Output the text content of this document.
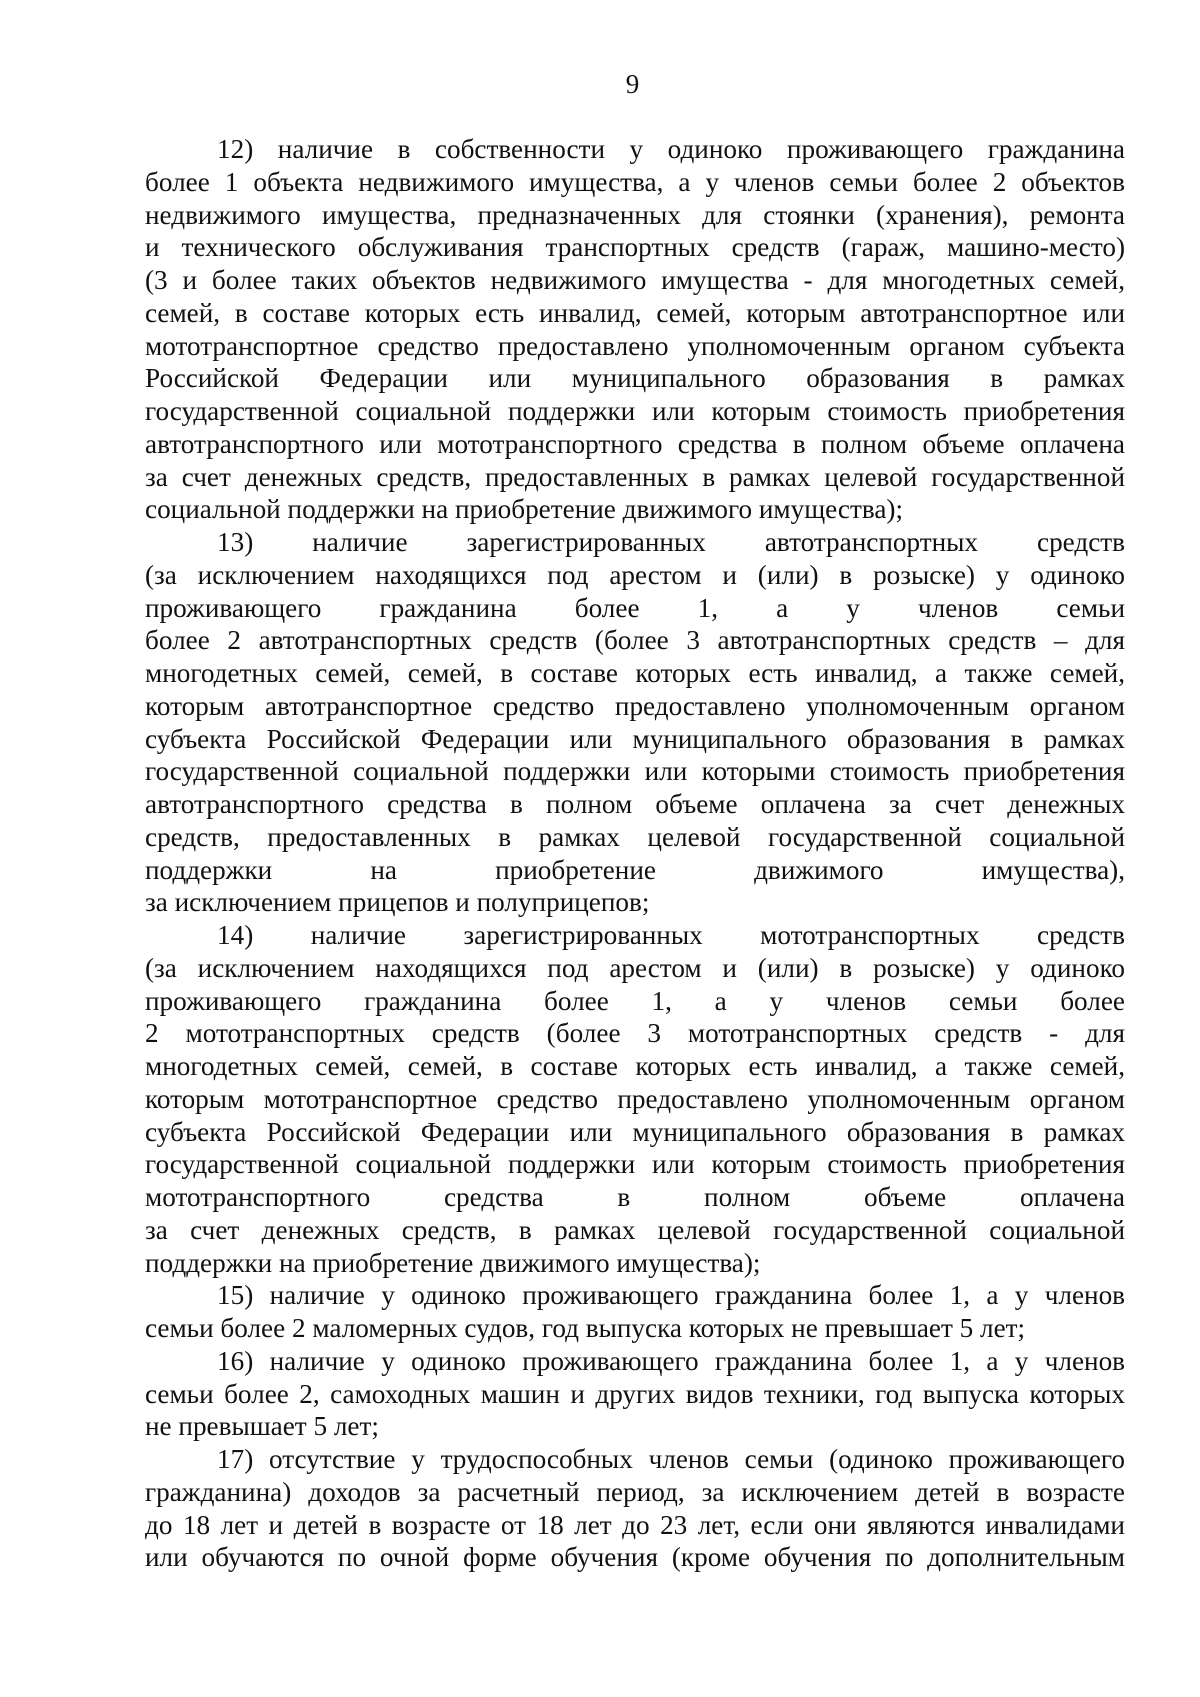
9
12) наличие в собственности у одиноко проживающего гражданина
более 1 объекта недвижимого имущества, а у членов семьи более 2 объектов
недвижимого имущества, предназначенных для стоянки (хранения), ремонта
и технического обслуживания транспортных средств (гараж, машино-место)
(3 и более таких объектов недвижимого имущества - для многодетных семей,
семей, в составе которых есть инвалид, семей, которым автотранспортное или
мототранспортное средство предоставлено уполномоченным органом субъекта
Российской Федерации или муниципального образования в рамках
государственной социальной поддержки или которым стоимость приобретения
автотранспортного или мототранспортного средства в полном объеме оплачена
за счет денежных средств, предоставленных в рамках целевой государственной
социальной поддержки на приобретение движимого имущества);
13) наличие зарегистрированных автотранспортных средств
(за исключением находящихся под арестом и (или) в розыске) у одиноко
проживающего гражданина более 1, а у членов семьи
более 2 автотранспортных средств (более 3 автотранспортных средств – для
многодетных семей, семей, в составе которых есть инвалид, а также семей,
которым автотранспортное средство предоставлено уполномоченным органом
субъекта Российской Федерации или муниципального образования в рамках
государственной социальной поддержки или которыми стоимость приобретения
автотранспортного средства в полном объеме оплачена за счет денежных
средств, предоставленных в рамках целевой государственной социальной
поддержки на приобретение движимого имущества),
за исключением прицепов и полуприцепов;
14) наличие зарегистрированных мототранспортных средств
(за исключением находящихся под арестом и (или) в розыске) у одиноко
проживающего гражданина более 1, а у членов семьи более
2 мототранспортных средств (более 3 мототранспортных средств - для
многодетных семей, семей, в составе которых есть инвалид, а также семей,
которым мототранспортное средство предоставлено уполномоченным органом
субъекта Российской Федерации или муниципального образования в рамках
государственной социальной поддержки или которым стоимость приобретения
мототранспортного средства в полном объеме оплачена
за счет денежных средств, в рамках целевой государственной социальной
поддержки на приобретение движимого имущества);
15) наличие у одиноко проживающего гражданина более 1, а у членов
семьи более 2 маломерных судов, год выпуска которых не превышает 5 лет;
16) наличие у одиноко проживающего гражданина более 1, а у членов
семьи более 2, самоходных машин и других видов техники, год выпуска которых
не превышает 5 лет;
17) отсутствие у трудоспособных членов семьи (одиноко проживающего
гражданина) доходов за расчетный период, за исключением детей в возрасте
до 18 лет и детей в возрасте от 18 лет до 23 лет, если они являются инвалидами
или обучаются по очной форме обучения (кроме обучения по дополнительным
